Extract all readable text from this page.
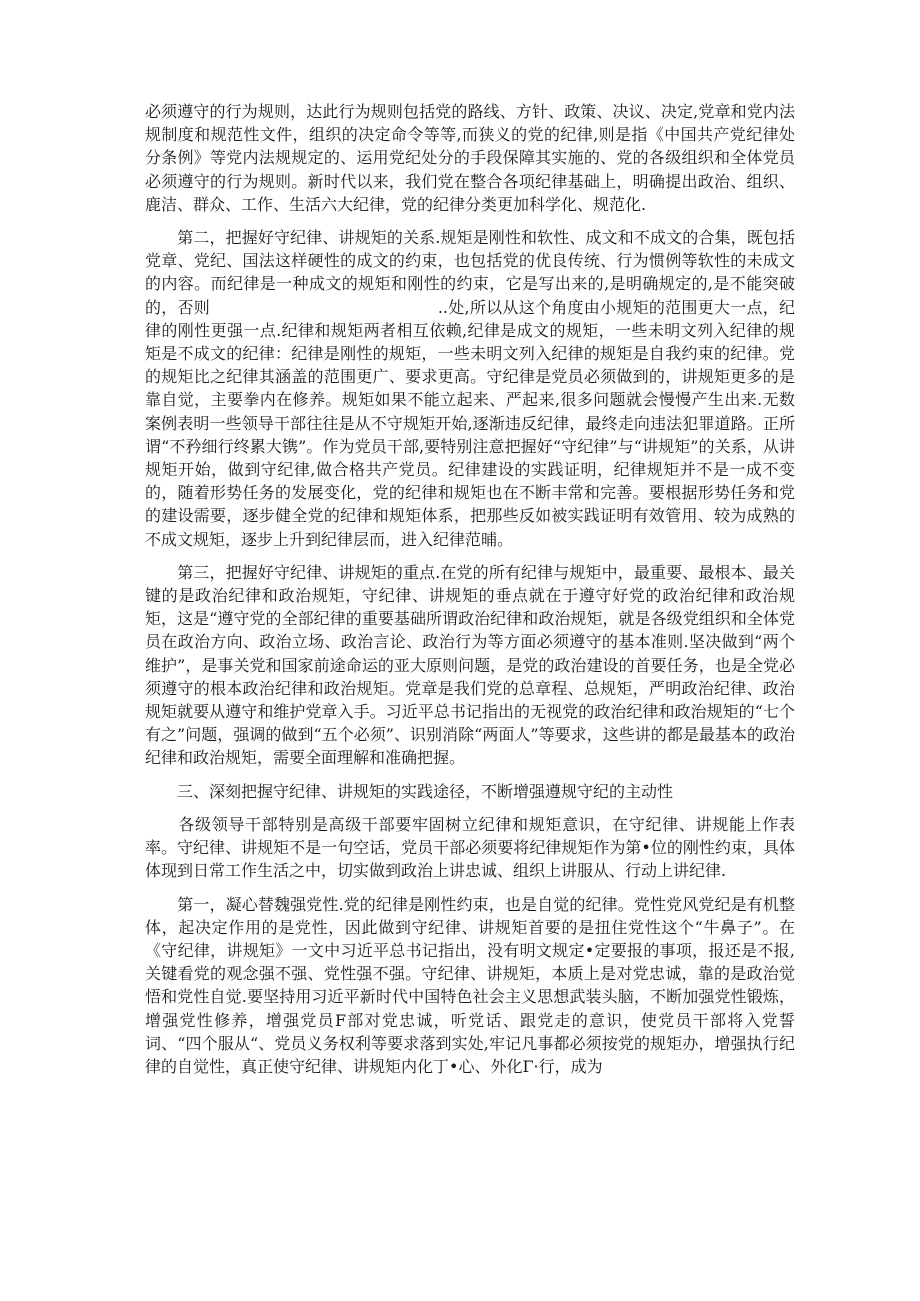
必须遵守的行为规则，达此行为规则包括党的路线、方针、政策、决议、决定,党章和党内法规制度和规范性文件，组织的决定命令等等,而狭义的党的纪律,则是指《中国共产党纪律处分条例》等党内法规规定的、运用党纪处分的手段保障其实施的、党的各级组织和全体党员必须遵守的行为规则。新时代以来，我们党在整合各项纪律基础上，明确提出政治、组织、鹿洁、群众、工作、生活六大纪律，党的纪律分类更加科学化、规范化.

　　第二，把握好守纪律、讲规矩的关系.规矩是刚性和软性、成文和不成文的合集，既包括党章、党纪、国法这样硬性的成文的约束，也包括党的优良传统、行为惯例等软性的未成文的内容。而纪律是一种成文的规矩和刚性的约束，它是写出来的,是明确规定的,是不能突破的，否则　　　　　　　　　　　　　　..处,所以从这个角度由小规矩的范围更大一点，纪律的刚性更强一点.纪律和规矩两者相互依赖,纪律是成文的规矩，一些未明文列入纪律的规矩是不成文的纪律：纪律是刚性的规矩，一些未明文列入纪律的规矩是自我约束的纪律。党的规矩比之纪律其涵盖的范围更广、要求更高。守纪律是党员必须做到的，讲规矩更多的是靠自觉，主要拳内在修养。规矩如果不能立起来、严起来,很多问题就会慢慢产生出来.无数案例表明一些领导干部往往是从不守规矩开始,逐渐违反纪律，最终走向违法犯罪道路。正所谓“不矜细行终累大镌”。作为党员干部,要特别注意把握好“守纪律”与“讲规矩”的关系，从讲规矩开始，做到守纪律,做合格共产党员。纪律建设的实践证明，纪律规矩并不是一成不变的，随着形势任务的发展变化，党的纪律和规矩也在不断丰常和完善。要根据形势任务和党的建设需要，逐步健全党的纪律和规矩体系，把那些反如被实践证明有效管用、较为成熟的不成文规矩，逐步上升到纪律层而，进入纪律范晡。

　　第三，把握好守纪律、讲规矩的重点.在党的所有纪律与规矩中，最重要、最根本、最关键的是政治纪律和政治规矩，守纪律、讲规矩的垂点就在于遵守好党的政治纪律和政治规矩，这是“遵守党的全部纪律的重要基础所谓政治纪律和政治规矩，就是各级党组织和全体党员在政治方向、政治立场、政治言论、政治行为等方面必须遵守的基本准则.坚决做到“两个维护”，是事关党和国家前途命运的亚大原则问题，是党的政治建设的首要任务，也是全党必须遵守的根本政治纪律和政治规矩。党章是我们党的总章程、总规矩，严明政治纪律、政治规矩就要从遵守和维护党章入手。习近平总书记指出的无视党的政治纪律和政治规矩的“七个有之”问题，强调的做到“五个必须”、识别消除“两面人”等要求，这些讲的都是最基本的政治纪律和政治规矩，需要全面理解和准确把握。

　　三、深刻把握守纪律、讲规矩的实践途径，不断增强遵规守纪的主动性

　　各级领导干部特别是高级干部要牢固树立纪律和规矩意识，在守纪律、讲规能上作表率。守纪律、讲规矩不是一句空话，党员干部必须要将纪律规矩作为第•位的刚性约束，具体体现到日常工作生活之中，切实做到政治上讲忠诚、组织上讲服从、行动上讲纪律.

　　第一，凝心替魏强党性.党的纪律是刚性约束，也是自觉的纪律。党性党风党纪是有机整体，起决定作用的是党性，因此做到守纪律、讲规矩首要的是扭住党性这个“牛鼻子”。在《守纪律，讲规矩》一文中习近平总书记指出，没有明文规定•定要报的事项，报还是不报,关键看党的观念强不强、党性强不强。守纪律、讲规矩，本质上是对党忠诚，靠的是政治觉悟和党性自觉.要坚持用习近平新时代中国特色社会主义思想武装头脑，不断加强党性锻炼，增强党性修养，增强党员F部对党忠诚，听党话、跟党走的意识，使党员干部将入党誓词、“四个服从“、党员义务权利等要求落到实处,牢记凡事都必须按党的规矩办，增强执行纪律的自觉性，真正使守纪律、讲规矩内化丁•心、外化Γ·行，成为
